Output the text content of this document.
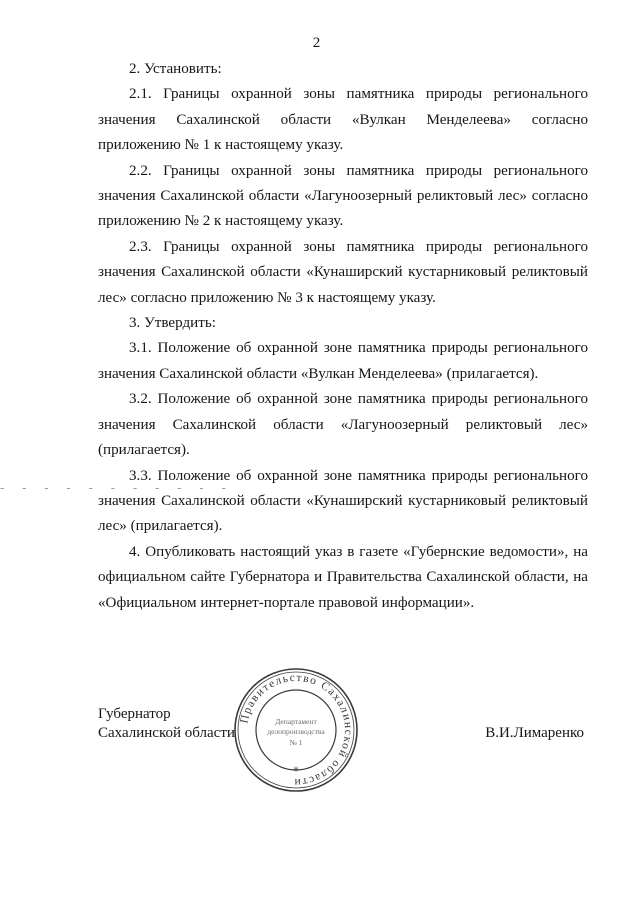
2

2. Установить:

2.1. Границы охранной зоны памятника природы регионального значения Сахалинской области «Вулкан Менделеева» согласно приложению № 1 к настоящему указу.

2.2. Границы охранной зоны памятника природы регионального значения Сахалинской области «Лагуноозерный реликтовый лес» согласно приложению № 2 к настоящему указу.

2.3. Границы охранной зоны памятника природы регионального значения Сахалинской области «Кунаширский кустарниковый реликтовый лес» согласно приложению № 3 к настоящему указу.

3. Утвердить:

3.1. Положение об охранной зоне памятника природы регионального значения Сахалинской области «Вулкан Менделеева» (прилагается).

3.2. Положение об охранной зоне памятника природы регионального значения Сахалинской области «Лагуноозерный реликтовый лес» (прилагается).

3.3. Положение об охранной зоне памятника природы регионального значения Сахалинской области «Кунаширский кустарниковый реликтовый лес» (прилагается).

4. Опубликовать настоящий указ в газете «Губернские ведомости», на официальном сайте Губернатора и Правительства Сахалинской области, на «Официальном интернет-портале правовой информации».

- - - - - - - - - - -
Губернатор
Сахалинской области	В.И.Лимаренко
Правительство Сахалинской области
✳
Департамент
делопроизводства
№ 1
